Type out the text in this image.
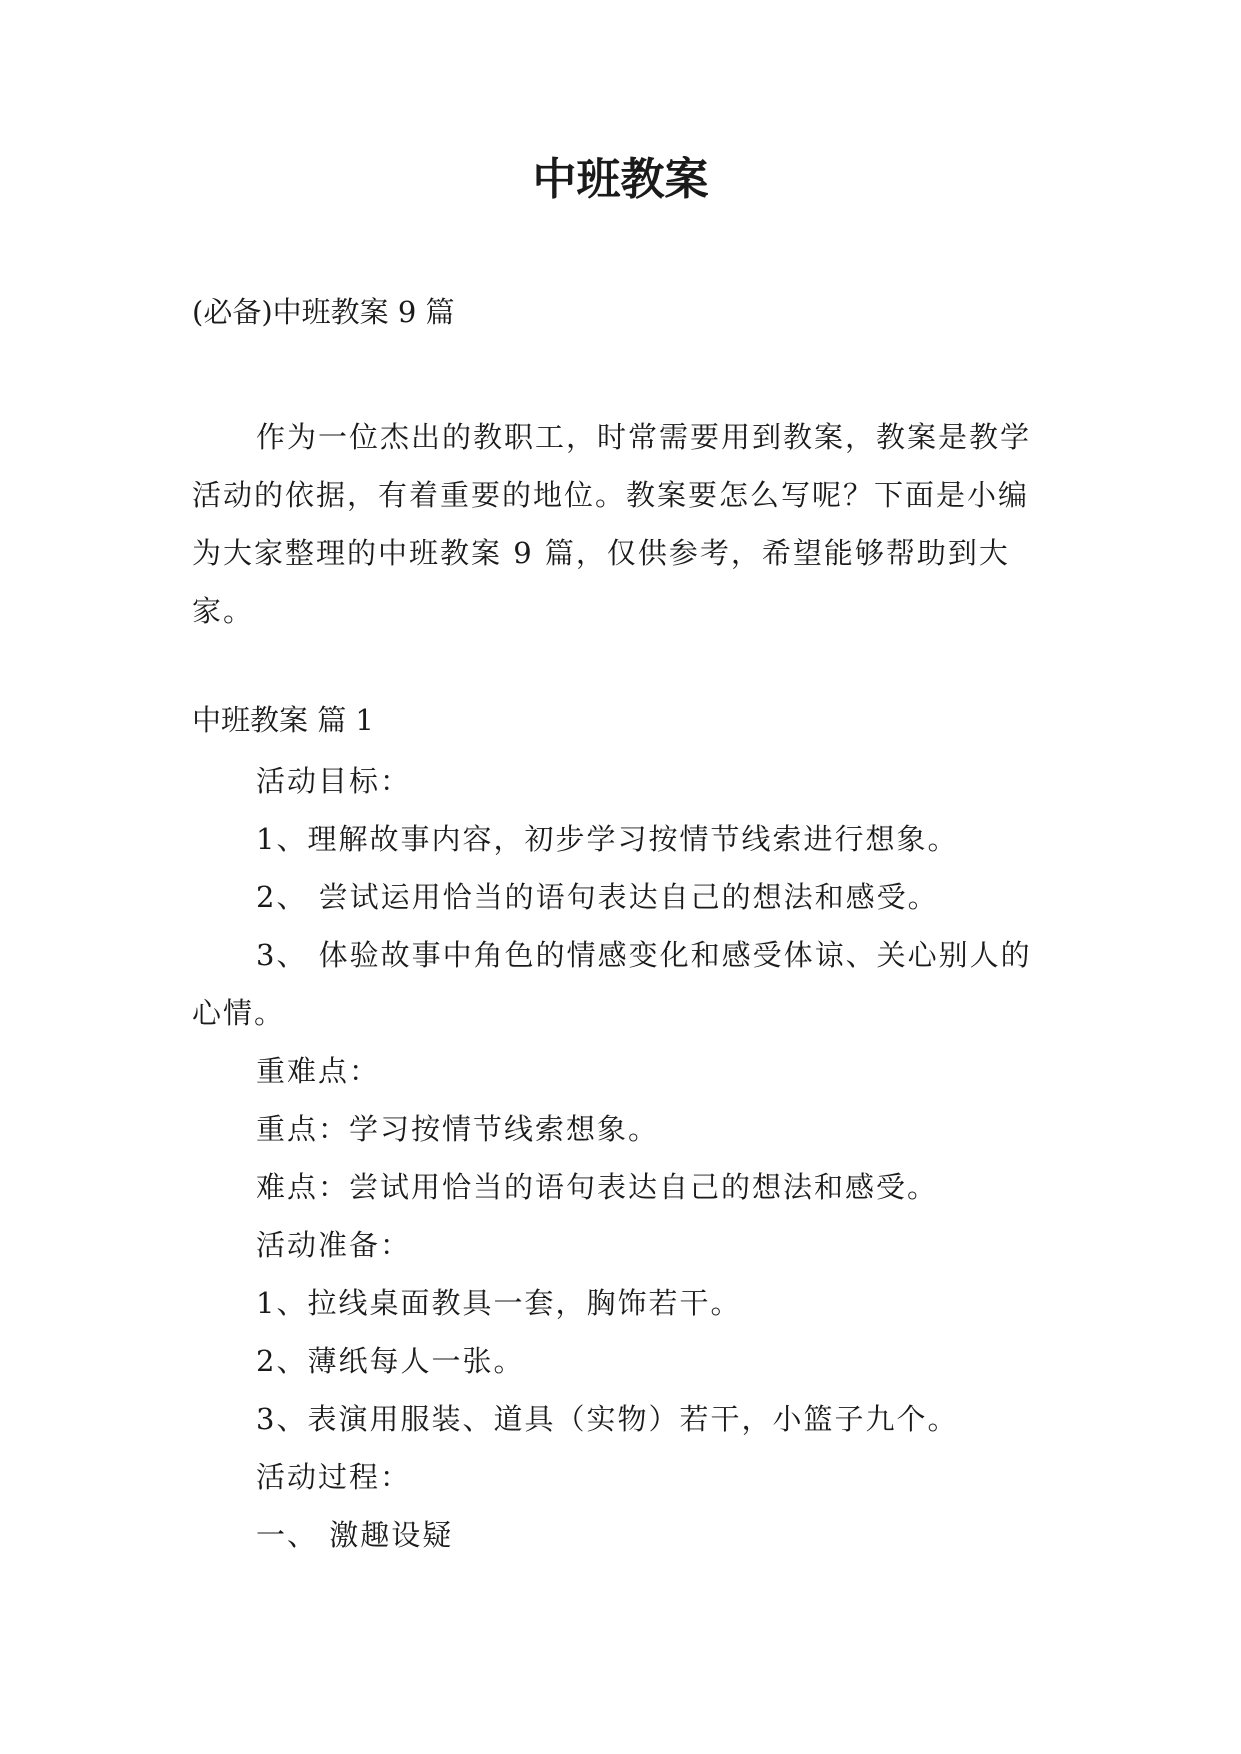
中班教案
(必备)中班教案 9 篇

作为一位杰出的教职工，时常需要用到教案，教案是教学活动的依据，有着重要的地位。教案要怎么写呢？下面是小编为大家整理的中班教案 9 篇，仅供参考，希望能够帮助到大家。

中班教案 篇 1
活动目标：
1、理解故事内容，初步学习按情节线索进行想象。
2、 尝试运用恰当的语句表达自己的想法和感受。
3、 体验故事中角色的情感变化和感受体谅、关心别人的心情。
重难点：
重点：学习按情节线索想象。
难点：尝试用恰当的语句表达自己的想法和感受。
活动准备：
1、拉线桌面教具一套，胸饰若干。
2、薄纸每人一张。
3、表演用服装、道具（实物）若干，小篮子九个。
活动过程：
一、 激趣设疑
